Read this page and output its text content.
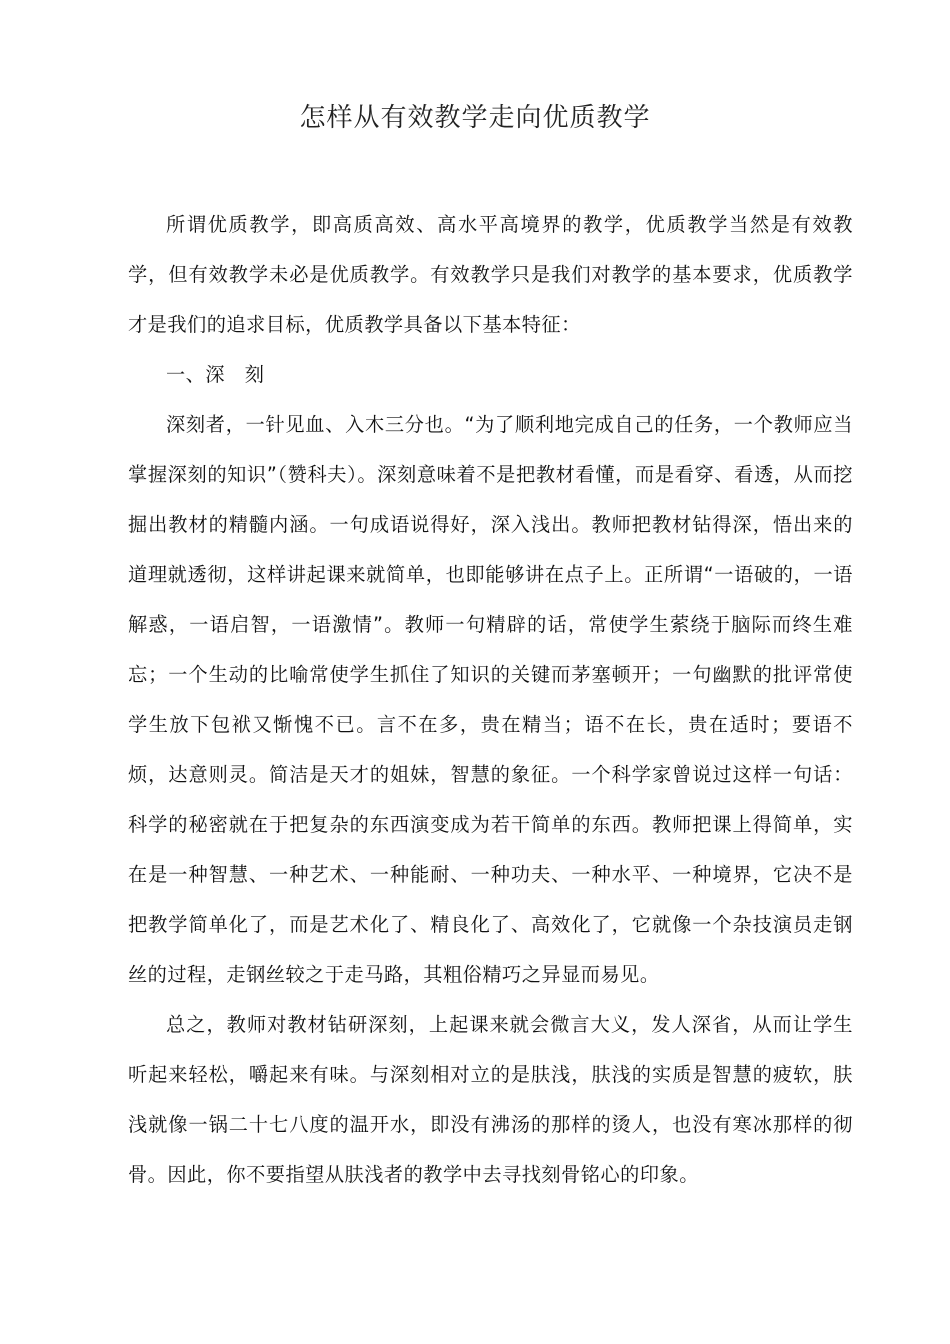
怎样从有效教学走向优质教学

所谓优质教学，即高质高效、高水平高境界的教学，优质教学当然是有效教学，但有效教学未必是优质教学。有效教学只是我们对教学的基本要求，优质教学才是我们的追求目标，优质教学具备以下基本特征：

一、深　刻

深刻者，一针见血、入木三分也。“为了顺利地完成自己的任务，一个教师应当掌握深刻的知识”（赞科夫）。深刻意味着不是把教材看懂，而是看穿、看透，从而挖掘出教材的精髓内涵。一句成语说得好，深入浅出。教师把教材钻得深，悟出来的道理就透彻，这样讲起课来就简单，也即能够讲在点子上。正所谓“一语破的，一语解惑，一语启智，一语激情”。教师一句精辟的话，常使学生萦绕于脑际而终生难忘；一个生动的比喻常使学生抓住了知识的关键而茅塞顿开；一句幽默的批评常使学生放下包袱又惭愧不已。言不在多，贵在精当；语不在长，贵在适时；要语不烦，达意则灵。简洁是天才的姐妹，智慧的象征。一个科学家曾说过这样一句话：科学的秘密就在于把复杂的东西演变成为若干简单的东西。教师把课上得简单，实在是一种智慧、一种艺术、一种能耐、一种功夫、一种水平、一种境界，它决不是把教学简单化了，而是艺术化了、精良化了、高效化了，它就像一个杂技演员走钢丝的过程，走钢丝较之于走马路，其粗俗精巧之异显而易见。

总之，教师对教材钻研深刻，上起课来就会微言大义，发人深省，从而让学生听起来轻松，嚼起来有味。与深刻相对立的是肤浅，肤浅的实质是智慧的疲软，肤浅就像一锅二十七八度的温开水，即没有沸汤的那样的烫人，也没有寒冰那样的彻骨。因此，你不要指望从肤浅者的教学中去寻找刻骨铭心的印象。
